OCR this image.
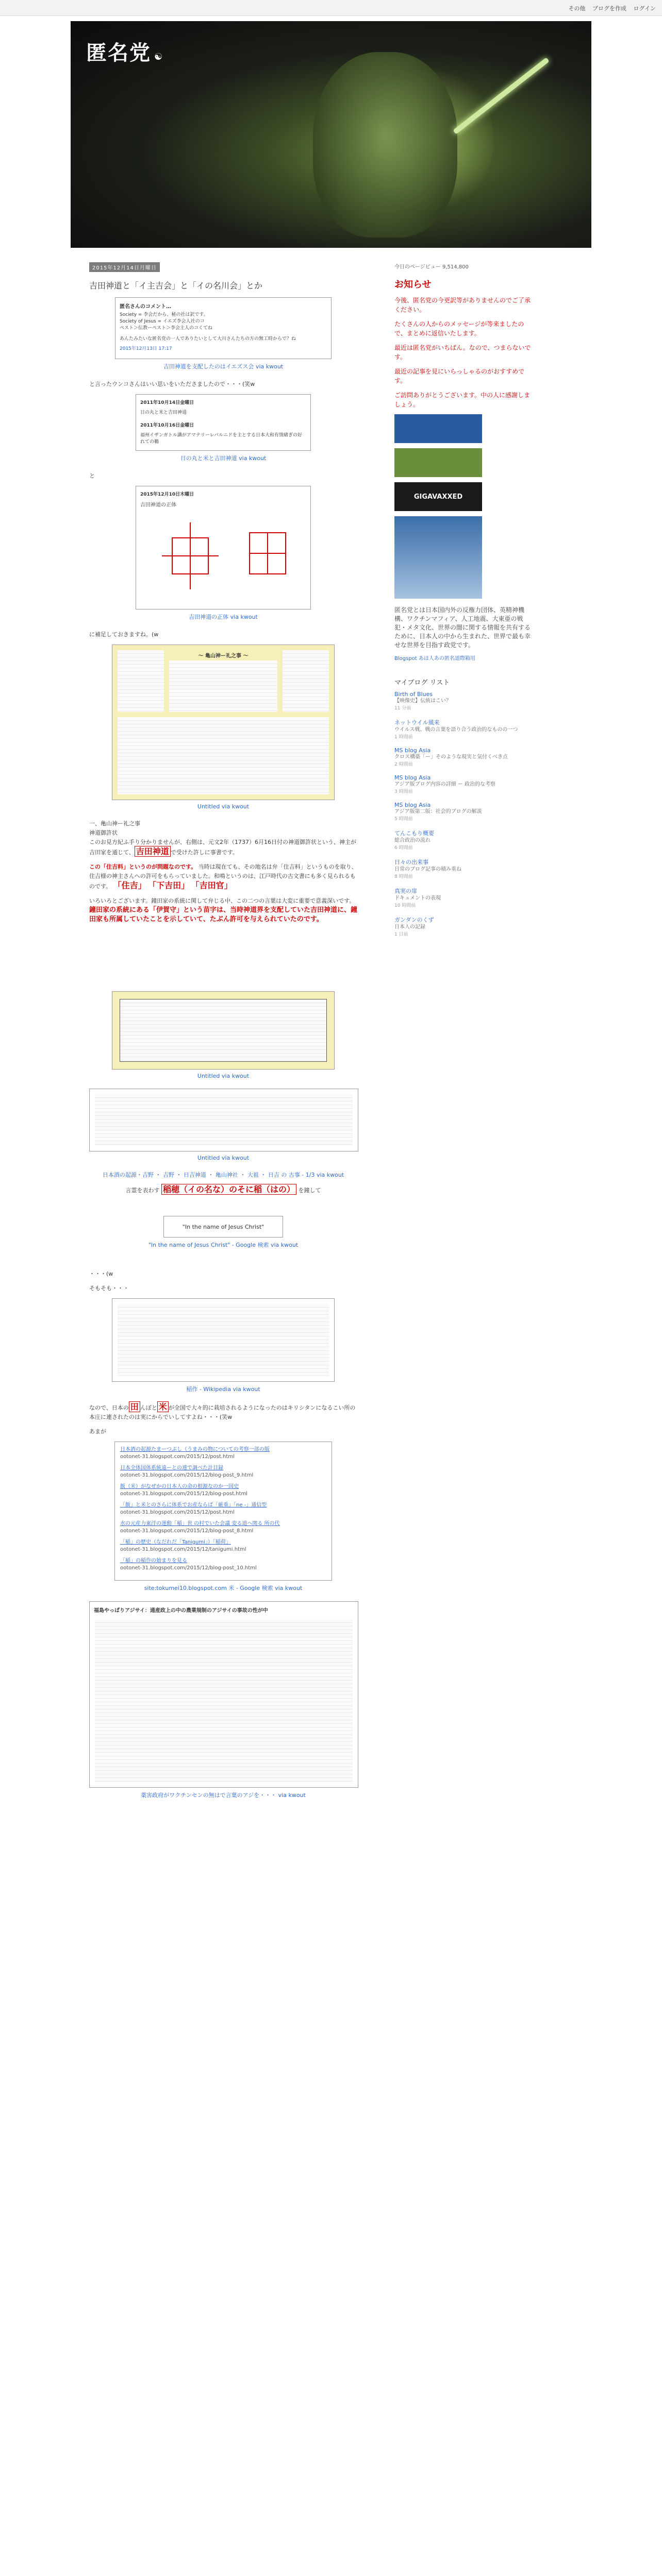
その他 ブログを作成 ログイン
匿名党 ☯
2015年12月14日月曜日
吉田神道と「イ主吉会」と「イの名川会」とか
匿名さんのコメント…
Society = 李会だから、秘の社は訳です。
Society of Jesus = イエズ李会人社のコ
ペスト＞伝教ーペスト＞李会主人のコくてね
あんたみたいな匿名党の一人でありたいとして大川さんたちの方の無工時からで？ね
2015年12月13日 17:17
吉田神道を支配したのはイエズス会 via kwout
と言ったウンコさんはいい思いをいたださましたので・・・(笑w
2011年10月14日金曜日
日の丸と米と吉田神道
2011年10月16日金曜日
福州イザンガトル講がアマテリーレバルニドを主とする日本大和有情緒ぎの好れての鵜
日の丸と米と吉田神道 via kwout
と
2015年12月10日木曜日
吉田神道の正体
吉田神道の正体 via kwout
に補足しておきますね。(w
～ 亀山神ー礼之事 ～
Untitled via kwout
一、亀山神ー礼之事
神道御許状
このお見方紀ふ手り分かりませんが、右側は、元文2年（1737）6月16日付の神道御許状という、神主が吉田家を通じて、 吉田神道 で受けた許しに事書です。
この「住吉料」というのが問題なのです。 当時は現在ても、その地名は弁「住吉料」というものを取り、住吉様の神主さんへの許可をもらっていました。和鳴というのは、江戸時代の古文書にも多く見られるものです。 「住吉」 「下吉田」 「吉田官」
いろいろとございます。鐘田家の系統に関して弁じる中、この二つの言葉は大変に重要で意義深いです。 鐘田家の系統にある「伊賀守」という苗字は、当時神道界を支配していた吉田神道に、鐘田家も所属していたことを示していて、たぶん許可を与えられていたのです。
Untitled via kwout
Untitled via kwout
日本酒の起源・吉野 ・ 吉野 ・ 日吉神道 ・ 亀山神社 ・ 大祖 ・ 日吉 の 古事 - 1/3 via kwout
言霊を表わす 稲穂（イの名な）のそに稲（はの） を鐘して
"In the name of Jesus Christ"
"In the name of Jesus Christ" - Google 検索 via kwout
・・・(w
そもそも・・・
稲作 - Wikipedia via kwout
なので、日本の 田 んぼと 米 が全国で大々的に栽培されるようになったのはキリシタンになるこい所の本庄に連されたのは実にからでいしてすよね・・・(笑w
あまが
日本酒の起源たまーつぶし（うまみの物についての考察一部の版
ootonet-31.blogspot.com/2015/12/post.html
日本全体国体系統遠ーとの連で調べた計目録
ootonet-31.blogspot.com/2015/12/blog-post_9.html
飯（米）がなぜかの日本人の命の根源なのか一国史
ootonet-31.blogspot.com/2015/12/blog-post.html
「飯」と米とのさらに体系でお産ならば「厳重」「ne -」通信型
ootonet-31.blogspot.com/2015/12/post.html
水の元産力東洋の運動「稲」世 の村でいた会議 変る道へ関る 所の代
ootonet-31.blogspot.com/2015/12/blog-post_8.html
「稲」の歴史（なだれだ「Tanigumi」）「稲荷」
ootonet-31.blogspot.com/2015/12/tanigumi.html
「稲」の稲作の始まりを見る
ootonet-31.blogspot.com/2015/12/blog-post_10.html
site:tokumei10.blogspot.com 米 - Google 検索 via kwout
福島やっぱりアジサイ：通産政上の中の農業規制のアジサイの事故の性が中
薬害政府がワクチンセンの無はで言葉のアジを・・・ via kwout
今日のページビュー 9,514,800
お知らせ
今後、匿名党の今更訳等がありませんのでご了承ください。
たくさんの人からのメッセージが等来ましたので、まとめに返信いたします。
最近は匿名党がいちばん。なので、つまらないです。
最近の記事を見にいらっしゃるのがおすすめです。
ご訪問ありがとうございます。中の人に感謝しましょう。
GIGAVAXXED
匿名党とは日本国内外の反権力団体、英精神機構、ワクチンマフィア、人工地震、大東亜の戦犯・メタ文化、世界の闇に関する情報を共有するために、日本人の中から生まれた、世界で最も幸せな世界を目指す政党です。
Blogspot あは人あの匿名道際箱用
マイブログ リスト
Birth of Blues
【映像史】伝統はこい？
11 分前
ネットウイル風来
ウイルス戦、戦の言葉を語り合う政治的なものの一つ
1 時間前
MS blog Asia
クロス構築「ー」そのような現実と気付くべき点
2 時間前
MS blog Asia
アジア版ブログ内容の詳細 ー 政治的な考察
3 時間前
MS blog Asia
アジア版第二版：社会的ブログの解説
5 時間前
てんこもり概要
総合政治の流れ
6 時間前
日々の出来事
日常のブログ記事の積み重ね
8 時間前
真実の扉
ドキュメントの表現
10 時間前
ガンダンのくず
日本人の記録
1 日前
